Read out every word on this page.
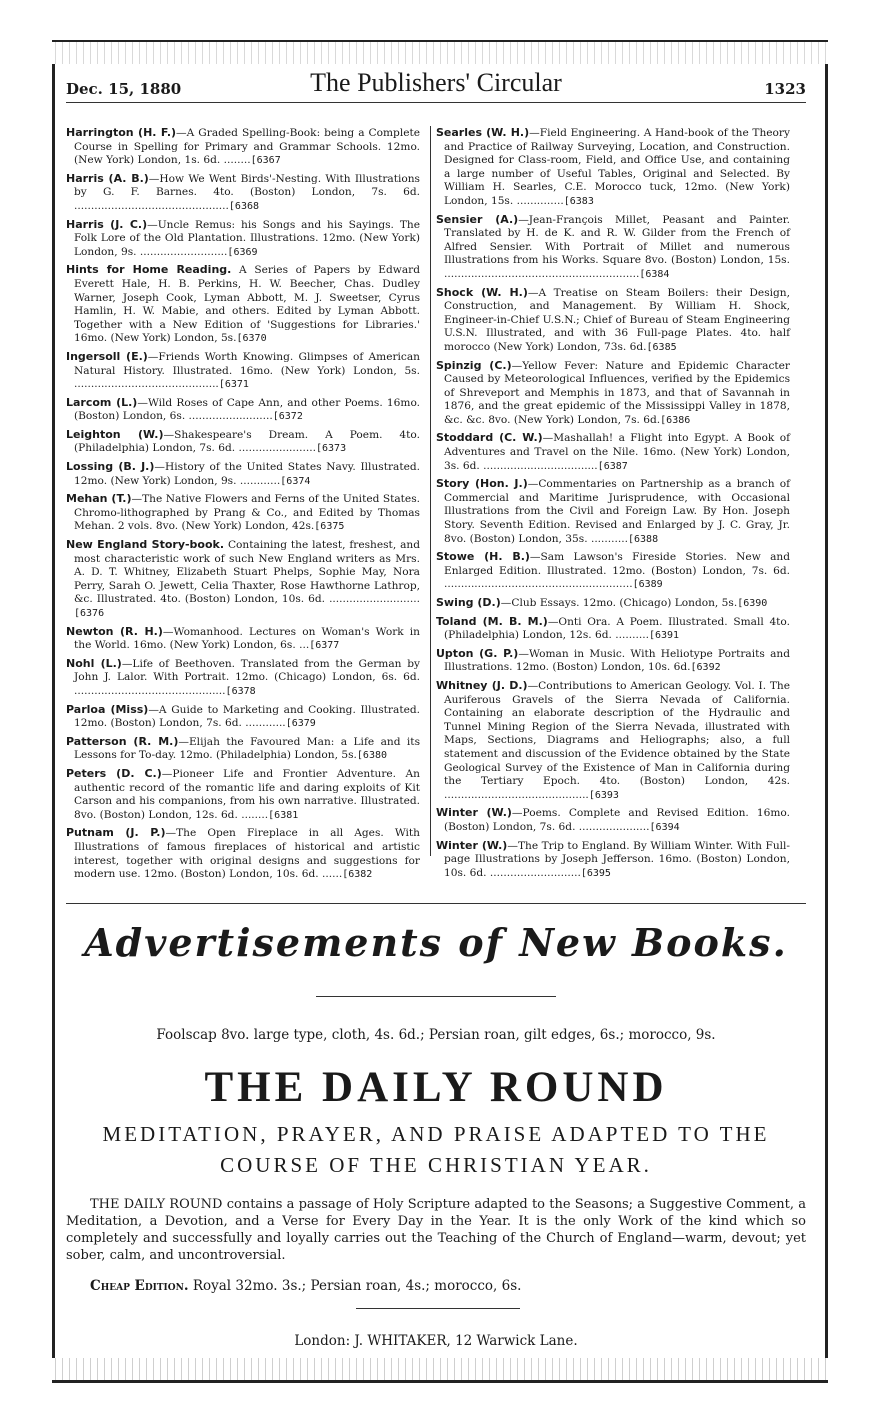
Dec. 15, 1880	The Publishers' Circular	1323
Harrington (H. F.)—A Graded Spelling-Book: being a Complete Course in Spelling for Primary and Grammar Schools. 12mo. (New York) London, 1s. 6d. ........[6367
Harris (A. B.)—How We Went Birds'-Nesting. With Illustrations by G. F. Barnes. 4to. (Boston) London, 7s. 6d. ..............................................[6368
Harris (J. C.)—Uncle Remus: his Songs and his Sayings. The Folk Lore of the Old Plantation. Illustrations. 12mo. (New York) London, 9s. ..........................[6369
Hints for Home Reading. A Series of Papers by Edward Everett Hale, H. B. Perkins, H. W. Beecher, Chas. Dudley Warner, Joseph Cook, Lyman Abbott, M. J. Sweetser, Cyrus Hamlin, H. W. Mabie, and others. Edited by Lyman Abbott. Together with a New Edition of 'Suggestions for Libraries.' 16mo. (New York) London, 5s.[6370
Ingersoll (E.)—Friends Worth Knowing. Glimpses of American Natural History. Illustrated. 16mo. (New York) London, 5s. ...........................................[6371
Larcom (L.)—Wild Roses of Cape Ann, and other Poems. 16mo. (Boston) London, 6s. .........................[6372
Leighton (W.)—Shakespeare's Dream. A Poem. 4to. (Philadelphia) London, 7s. 6d. .......................[6373
Lossing (B. J.)—History of the United States Navy. Illustrated. 12mo. (New York) London, 9s. ............[6374
Mehan (T.)—The Native Flowers and Ferns of the United States. Chromo-lithographed by Prang & Co., and Edited by Thomas Mehan. 2 vols. 8vo. (New York) London, 42s.[6375
New England Story-book. Containing the latest, freshest, and most characteristic work of such New England writers as Mrs. A. D. T. Whitney, Elizabeth Stuart Phelps, Sophie May, Nora Perry, Sarah O. Jewett, Celia Thaxter, Rose Hawthorne Lathrop, &c. Illustrated. 4to. (Boston) London, 10s. 6d. ...........................[6376
Newton (R. H.)—Womanhood. Lectures on Woman's Work in the World. 16mo. (New York) London, 6s. ...[6377
Nohl (L.)—Life of Beethoven. Translated from the German by John J. Lalor. With Portrait. 12mo. (Chicago) London, 6s. 6d. .............................................[6378
Parloa (Miss)—A Guide to Marketing and Cooking. Illustrated. 12mo. (Boston) London, 7s. 6d. ............[6379
Patterson (R. M.)—Elijah the Favoured Man: a Life and its Lessons for To-day. 12mo. (Philadelphia) London, 5s.[6380
Peters (D. C.)—Pioneer Life and Frontier Adventure. An authentic record of the romantic life and daring exploits of Kit Carson and his companions, from his own narrative. Illustrated. 8vo. (Boston) London, 12s. 6d. ........[6381
Putnam (J. P.)—The Open Fireplace in all Ages. With Illustrations of famous fireplaces of historical and artistic interest, together with original designs and suggestions for modern use. 12mo. (Boston) London, 10s. 6d. ......[6382
Searles (W. H.)—Field Engineering. A Hand-book of the Theory and Practice of Railway Surveying, Location, and Construction. Designed for Class-room, Field, and Office Use, and containing a large number of Useful Tables, Original and Selected. By William H. Searles, C.E. Morocco tuck, 12mo. (New York) London, 15s. ..............[6383
Sensier (A.)—Jean-François Millet, Peasant and Painter. Translated by H. de K. and R. W. Gilder from the French of Alfred Sensier. With Portrait of Millet and numerous Illustrations from his Works. Square 8vo. (Boston) London, 15s. ..........................................................[6384
Shock (W. H.)—A Treatise on Steam Boilers: their Design, Construction, and Management. By William H. Shock, Engineer-in-Chief U.S.N.; Chief of Bureau of Steam Engineering U.S.N. Illustrated, and with 36 Full-page Plates. 4to. half morocco (New York) London, 73s. 6d.[6385
Spinzig (C.)—Yellow Fever: Nature and Epidemic Character Caused by Meteorological Influences, verified by the Epidemics of Shreveport and Memphis in 1873, and that of Savannah in 1876, and the great epidemic of the Mississippi Valley in 1878, &c. &c. 8vo. (New York) London, 7s. 6d.[6386
Stoddard (C. W.)—Mashallah! a Flight into Egypt. A Book of Adventures and Travel on the Nile. 16mo. (New York) London, 3s. 6d. ..................................[6387
Story (Hon. J.)—Commentaries on Partnership as a branch of Commercial and Maritime Jurisprudence, with Occasional Illustrations from the Civil and Foreign Law. By Hon. Joseph Story. Seventh Edition. Revised and Enlarged by J. C. Gray, Jr. 8vo. (Boston) London, 35s. ...........[6388
Stowe (H. B.)—Sam Lawson's Fireside Stories. New and Enlarged Edition. Illustrated. 12mo. (Boston) London, 7s. 6d. ........................................................[6389
Swing (D.)—Club Essays. 12mo. (Chicago) London, 5s.[6390
Toland (M. B. M.)—Onti Ora. A Poem. Illustrated. Small 4to. (Philadelphia) London, 12s. 6d. ..........[6391
Upton (G. P.)—Woman in Music. With Heliotype Portraits and Illustrations. 12mo. (Boston) London, 10s. 6d.[6392
Whitney (J. D.)—Contributions to American Geology. Vol. I. The Auriferous Gravels of the Sierra Nevada of California. Containing an elaborate description of the Hydraulic and Tunnel Mining Region of the Sierra Nevada, illustrated with Maps, Sections, Diagrams and Heliographs; also, a full statement and discussion of the Evidence obtained by the State Geological Survey of the Existence of Man in California during the Tertiary Epoch. 4to. (Boston) London, 42s. ...........................................[6393
Winter (W.)—Poems. Complete and Revised Edition. 16mo. (Boston) London, 7s. 6d. .....................[6394
Winter (W.)—The Trip to England. By William Winter. With Full-page Illustrations by Joseph Jefferson. 16mo. (Boston) London, 10s. 6d. ...........................[6395
Advertisements of New Books.
Foolscap 8vo. large type, cloth, 4s. 6d.; Persian roan, gilt edges, 6s.; morocco, 9s.
THE DAILY ROUND
MEDITATION, PRAYER, AND PRAISE ADAPTED TO THE
COURSE OF THE CHRISTIAN YEAR.
THE DAILY ROUND contains a passage of Holy Scripture adapted to the Seasons; a Suggestive Comment, a Meditation, a Devotion, and a Verse for Every Day in the Year. It is the only Work of the kind which so completely and successfully and loyally carries out the Teaching of the Church of England—warm, devout; yet sober, calm, and uncontroversial.
Cheap Edition. Royal 32mo. 3s.; Persian roan, 4s.; morocco, 6s.
London: J. WHITAKER, 12 Warwick Lane.
